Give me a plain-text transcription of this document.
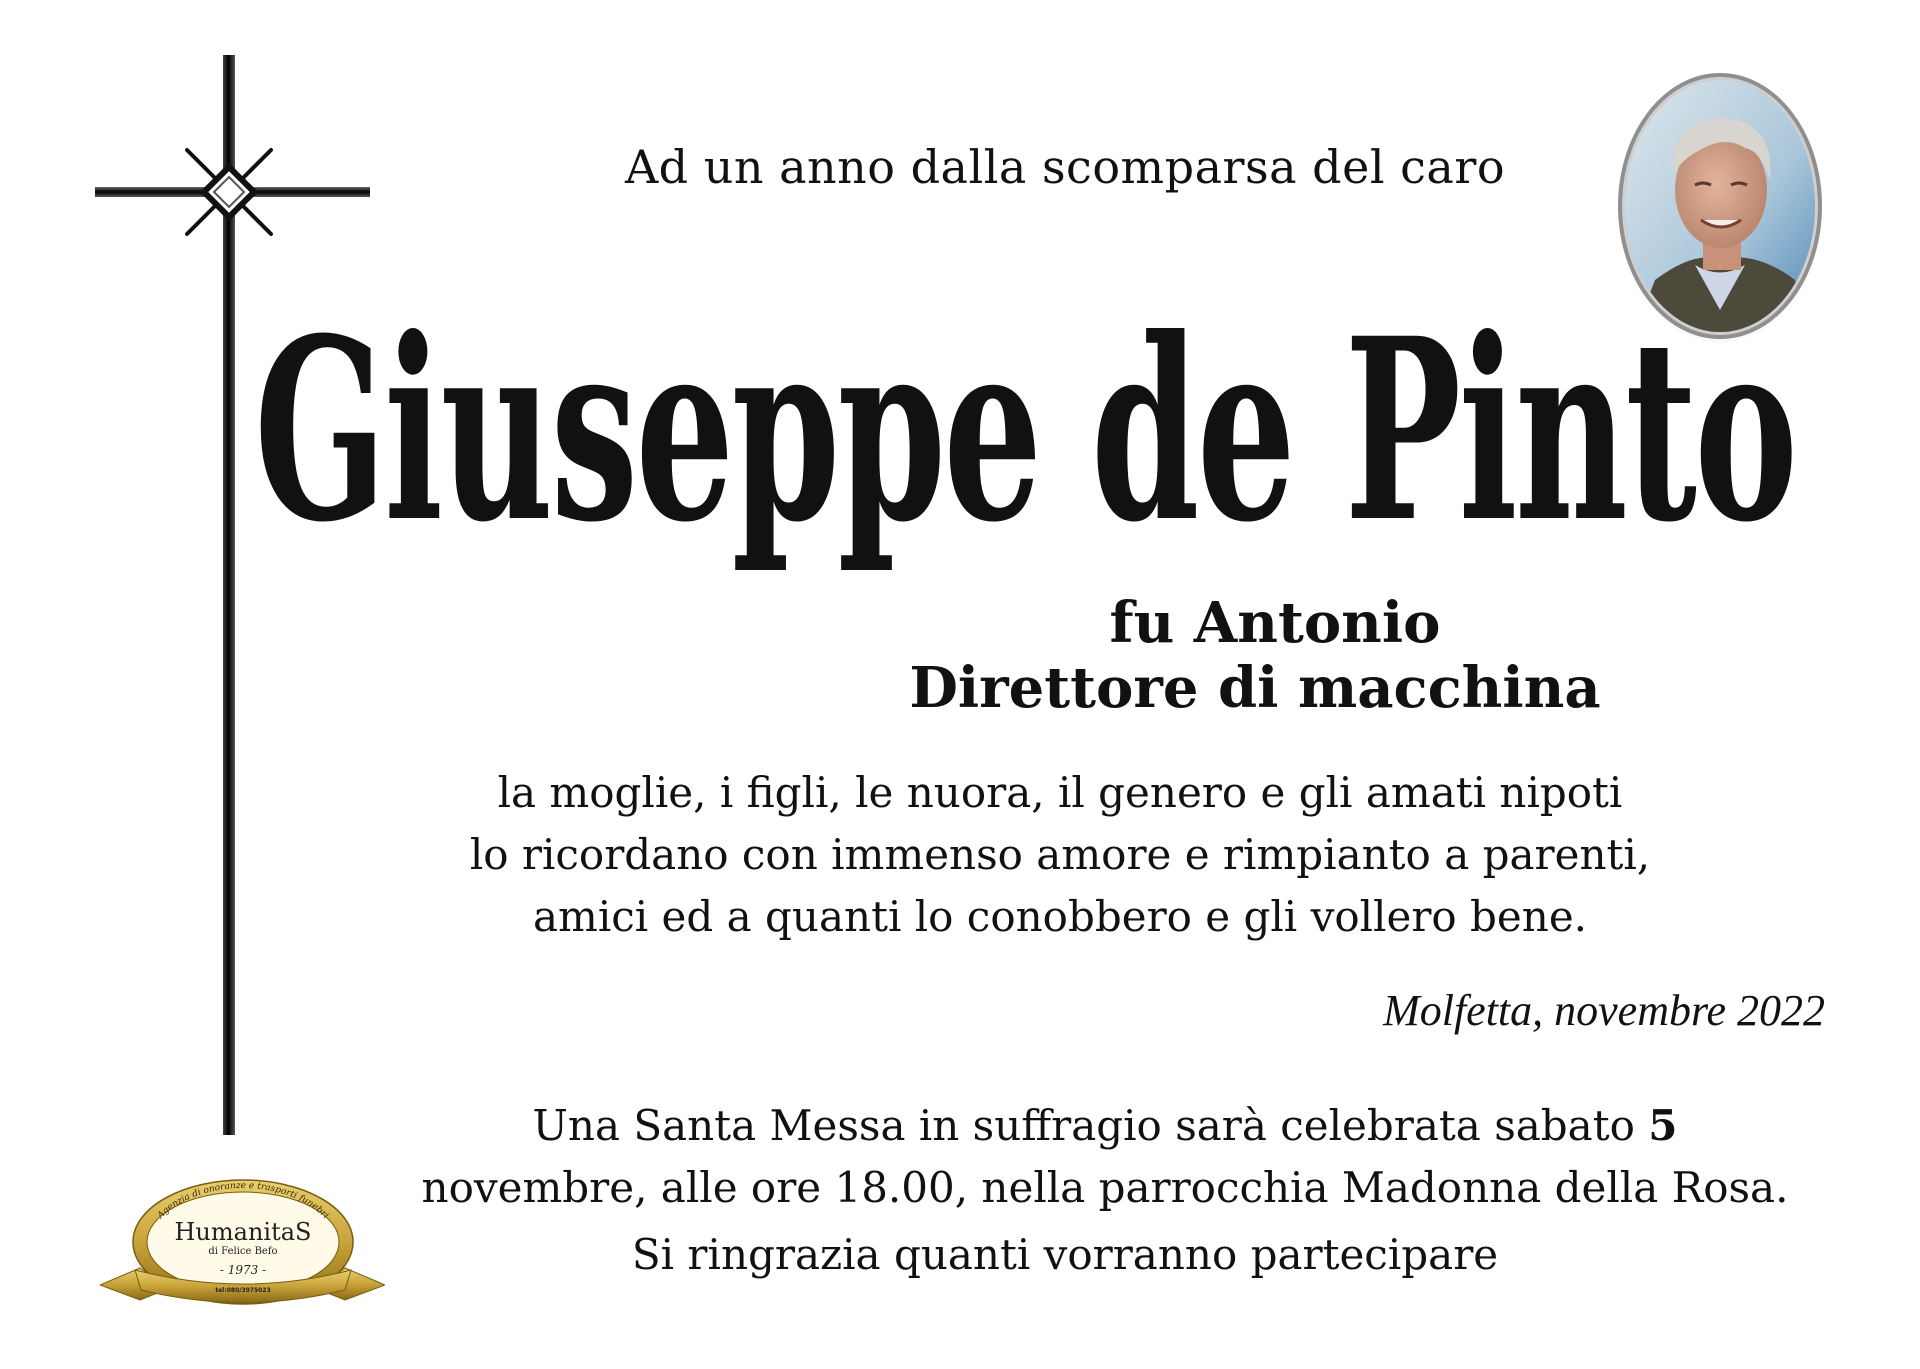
Ad un anno dalla scomparsa del caro
Giuseppe de Pinto
fu Antonio
Direttore di macchina
la moglie, i figli, le nuora, il genero e gli amati nipoti
lo ricordano con immenso amore e rimpianto a parenti,
amici ed a quanti lo conobbero e gli vollero bene.
Molfetta, novembre 2022
Una Santa Messa in suffragio sarà celebrata sabato 5
novembre, alle ore 18.00, nella parrocchia Madonna della Rosa.
Si ringrazia quanti vorranno partecipare
Agenzia di onoranze e trasporti funebri
HumanitaS
di Felice Befo
- 1973 -
tel:080/3975023
